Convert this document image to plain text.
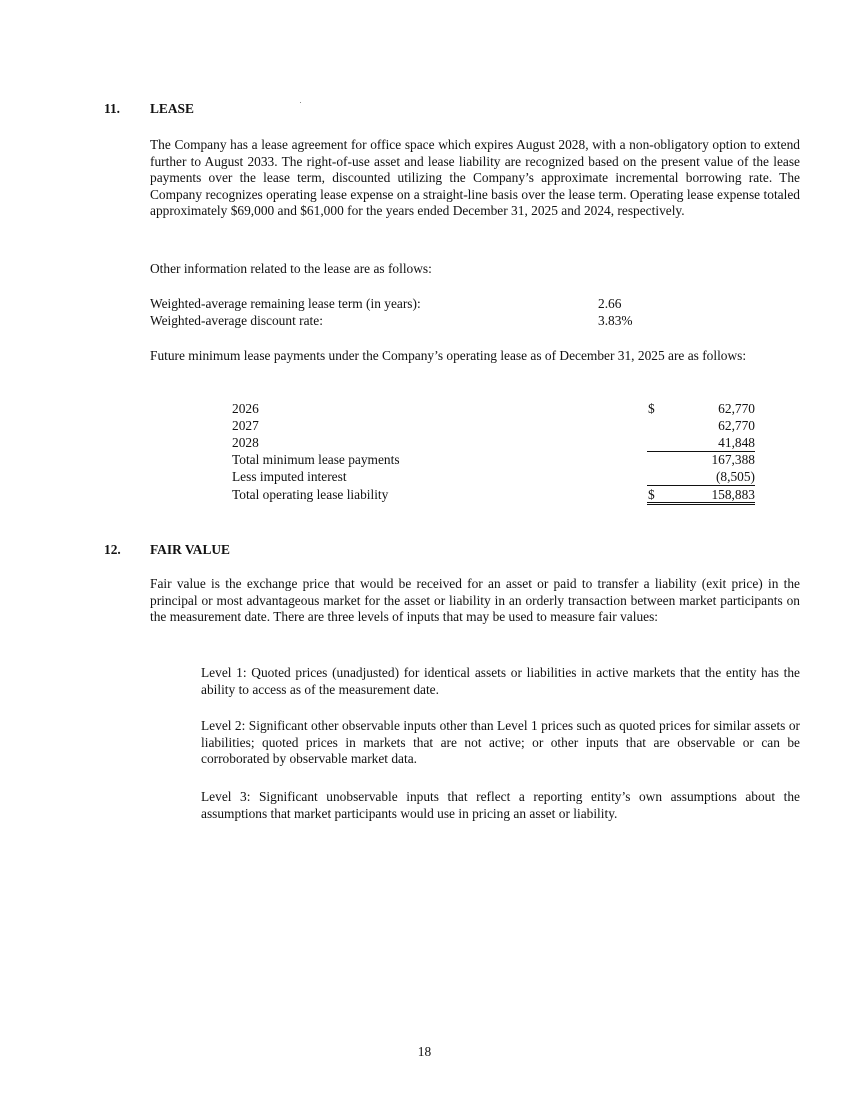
11. LEASE

The Company has a lease agreement for office space which expires August 2028, with a non-obligatory option to extend further to August 2033. The right-of-use asset and lease liability are recognized based on the present value of the lease payments over the lease term, discounted utilizing the Company’s approximate incremental borrowing rate. The Company recognizes operating lease expense on a straight-line basis over the lease term. Operating lease expense totaled approximately $69,000 and $61,000 for the years ended December 31, 2025 and 2024, respectively.

Other information related to the lease are as follows:

Weighted-average remaining lease term (in years):	2.66
Weighted-average discount rate:	3.83%

Future minimum lease payments under the Company’s operating lease as of December 31, 2025 are as follows:

2026	$	62,770
2027	62,770
2028	41,848
Total minimum lease payments	167,388
Less imputed interest	(8,505)
Total operating lease liability	$	158,883
12. FAIR VALUE

Fair value is the exchange price that would be received for an asset or paid to transfer a liability (exit price) in the principal or most advantageous market for the asset or liability in an orderly transaction between market participants on the measurement date. There are three levels of inputs that may be used to measure fair values:

Level 1: Quoted prices (unadjusted) for identical assets or liabilities in active markets that the entity has the ability to access as of the measurement date.

Level 2: Significant other observable inputs other than Level 1 prices such as quoted prices for similar assets or liabilities; quoted prices in markets that are not active; or other inputs that are observable or can be corroborated by observable market data.

Level 3: Significant unobservable inputs that reflect a reporting entity’s own assumptions about the assumptions that market participants would use in pricing an asset or liability.

18
